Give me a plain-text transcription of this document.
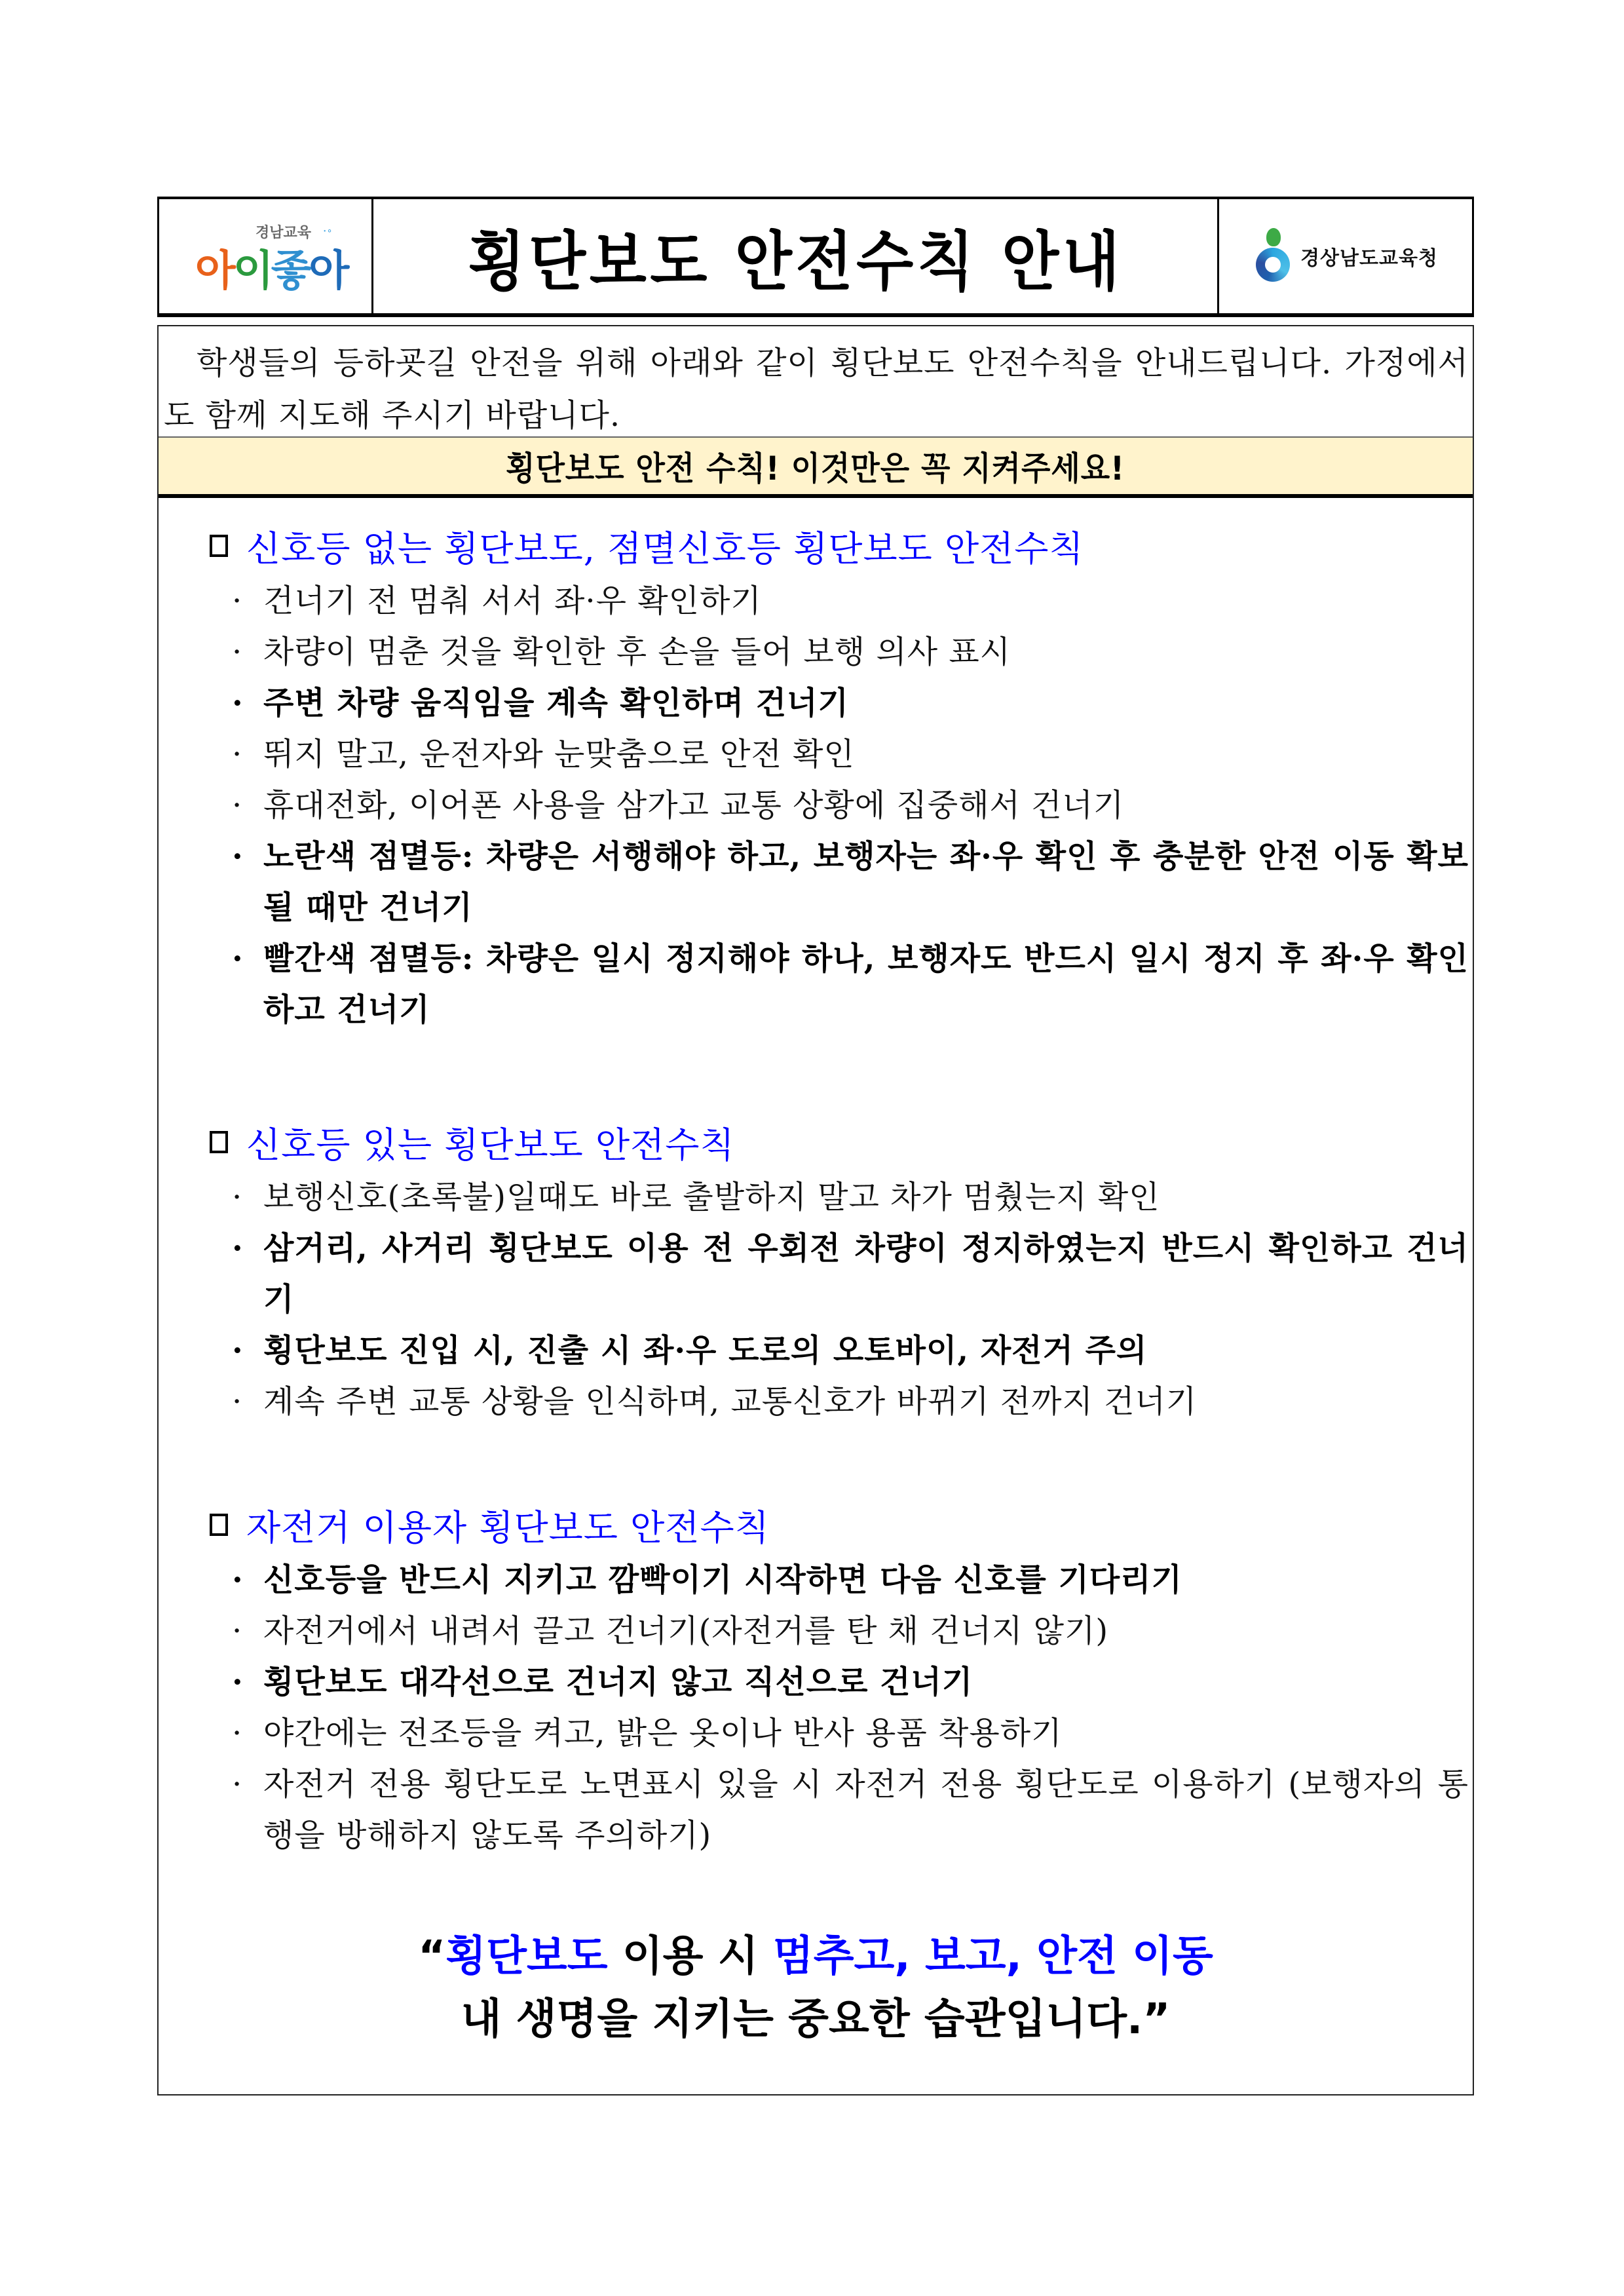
경남교육 ˙˚
아이좋아 횡단보도 안전수칙 안내	경상남도교육청
학생들의 등하굣길 안전을 위해 아래와 같이 횡단보도 안전수칙을 안내드립니다. 가정에서도 함께 지도해 주시기 바랍니다.
횡단보도 안전 수칙! 이것만은 꼭 지켜주세요!
신호등 없는 횡단보도, 점멸신호등 횡단보도 안전수칙
· 건너기 전 멈춰 서서 좌·우 확인하기
· 차량이 멈춘 것을 확인한 후 손을 들어 보행 의사 표시
· 주변 차량 움직임을 계속 확인하며 건너기
· 뛰지 말고, 운전자와 눈맞춤으로 안전 확인
· 휴대전화, 이어폰 사용을 삼가고 교통 상황에 집중해서 건너기
· 노란색 점멸등: 차량은 서행해야 하고, 보행자는 좌·우 확인 후 충분한 안전 이동 확보될 때만 건너기
· 빨간색 점멸등: 차량은 일시 정지해야 하나, 보행자도 반드시 일시 정지 후 좌·우 확인하고 건너기
신호등 있는 횡단보도 안전수칙
· 보행신호(초록불)일때도 바로 출발하지 말고 차가 멈췄는지 확인
· 삼거리, 사거리 횡단보도 이용 전 우회전 차량이 정지하였는지 반드시 확인하고 건너기
· 횡단보도 진입 시, 진출 시 좌·우 도로의 오토바이, 자전거 주의
· 계속 주변 교통 상황을 인식하며, 교통신호가 바뀌기 전까지 건너기
자전거 이용자 횡단보도 안전수칙
· 신호등을 반드시 지키고 깜빡이기 시작하면 다음 신호를 기다리기
· 자전거에서 내려서 끌고 건너기(자전거를 탄 채 건너지 않기)
· 횡단보도 대각선으로 건너지 않고 직선으로 건너기
· 야간에는 전조등을 켜고, 밝은 옷이나 반사 용품 착용하기
· 자전거 전용 횡단도로 노면표시 있을 시 자전거 전용 횡단도로 이용하기 (보행자의 통행을 방해하지 않도록 주의하기)
“횡단보도 이용 시 멈추고, 보고, 안전 이동
내 생명을 지키는 중요한 습관입니다.”
